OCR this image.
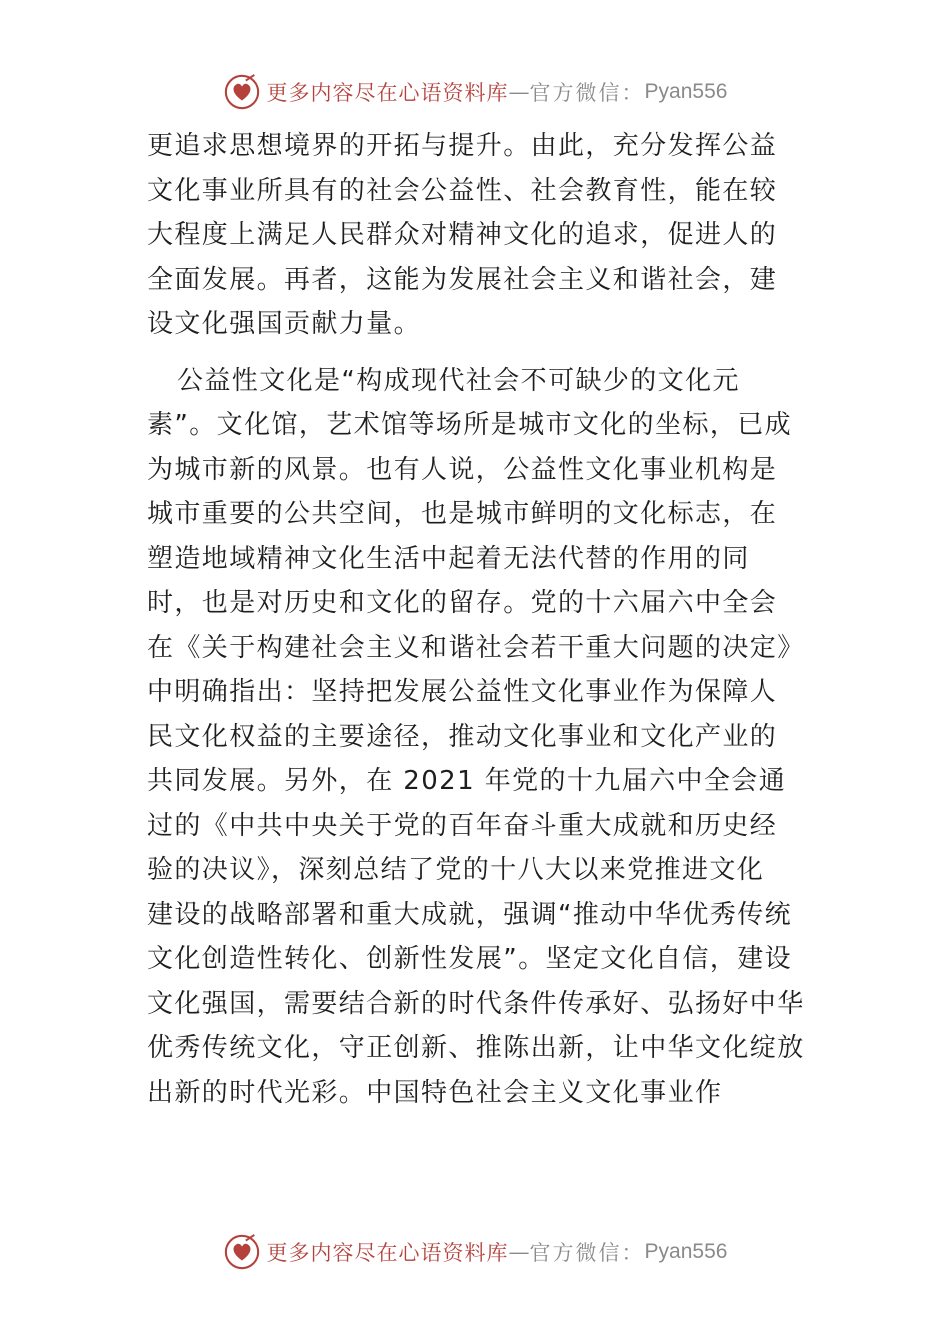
更多内容尽在心语资料库 — 官方微信： Pyan556
更追求思想境界的开拓与提升。由此，充分发挥公益
文化事业所具有的社会公益性、社会教育性，能在较
大程度上满足人民群众对精神文化的追求，促进人的
全面发展。再者，这能为发展社会主义和谐社会，建
设文化强国贡献力量。
公益性文化是“构成现代社会不可缺少的文化元
素”。文化馆，艺术馆等场所是城市文化的坐标，已成
为城市新的风景。也有人说，公益性文化事业机构是
城市重要的公共空间，也是城市鲜明的文化标志，在
塑造地域精神文化生活中起着无法代替的作用的同
时，也是对历史和文化的留存。党的十六届六中全会
在《关于构建社会主义和谐社会若干重大问题的决定》
中明确指出：坚持把发展公益性文化事业作为保障人
民文化权益的主要途径，推动文化事业和文化产业的
共同发展。另外，在 2021 年党的十九届六中全会通
过的《中共中央关于党的百年奋斗重大成就和历史经
验的决议》，深刻总结了党的十八大以来党推进文化
建设的战略部署和重大成就，强调“推动中华优秀传统
文化创造性转化、创新性发展”。坚定文化自信，建设
文化强国，需要结合新的时代条件传承好、弘扬好中华
优秀传统文化，守正创新、推陈出新，让中华文化绽放
出新的时代光彩。中国特色社会主义文化事业作
更多内容尽在心语资料库 — 官方微信： Pyan556
